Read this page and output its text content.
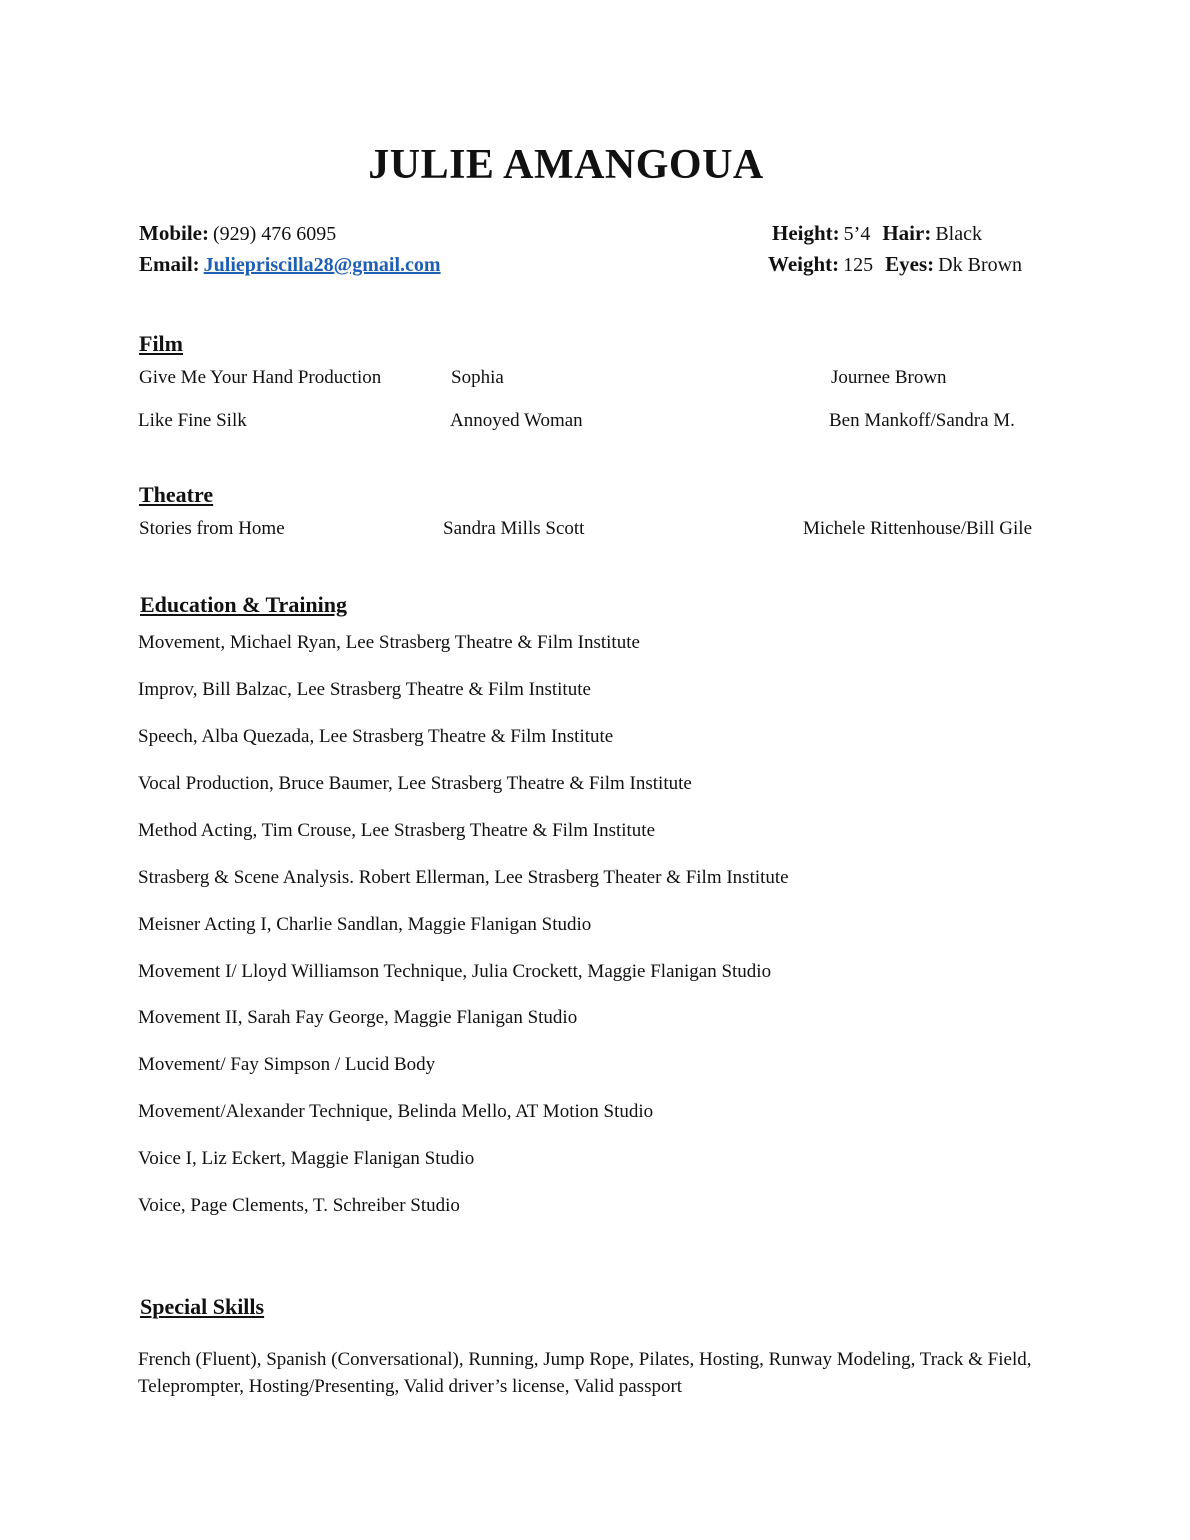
JULIE AMANGOUA
Mobile: (929) 476 6095
Email: Juliepriscilla28@gmail.com
Height: 5’4 Hair: Black
Weight: 125 Eyes: Dk Brown
Film
Give Me Your Hand Production	Sophia	Journee Brown
Like Fine Silk	Annoyed Woman	Ben Mankoff/Sandra M.
Theatre
Stories from Home	Sandra Mills Scott	Michele Rittenhouse/Bill Gile
Education & Training
Movement, Michael Ryan, Lee Strasberg Theatre & Film Institute
Improv, Bill Balzac, Lee Strasberg Theatre & Film Institute
Speech, Alba Quezada, Lee Strasberg Theatre & Film Institute
Vocal Production, Bruce Baumer, Lee Strasberg Theatre & Film Institute
Method Acting, Tim Crouse, Lee Strasberg Theatre & Film Institute
Strasberg & Scene Analysis. Robert Ellerman, Lee Strasberg Theater & Film Institute
Meisner Acting I, Charlie Sandlan, Maggie Flanigan Studio
Movement I/ Lloyd Williamson Technique, Julia Crockett, Maggie Flanigan Studio
Movement II, Sarah Fay George, Maggie Flanigan Studio
Movement/ Fay Simpson / Lucid Body
Movement/Alexander Technique, Belinda Mello, AT Motion Studio
Voice I, Liz Eckert, Maggie Flanigan Studio
Voice, Page Clements, T. Schreiber Studio
Special Skills
French (Fluent), Spanish (Conversational), Running, Jump Rope, Pilates, Hosting, Runway Modeling, Track & Field, Teleprompter, Hosting/Presenting, Valid driver’s license, Valid passport
